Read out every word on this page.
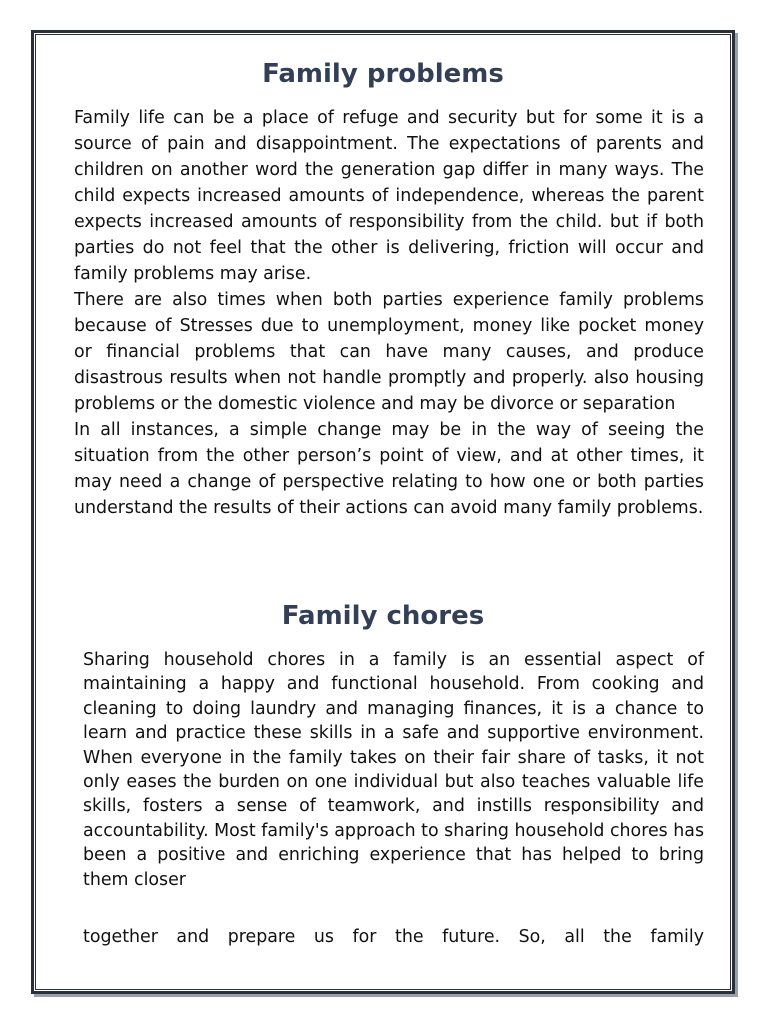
Family problems

Family life can be a place of refuge and security but for some it is a source of pain and disappointment. The expectations of parents and children on another word the generation gap differ in many ways. The child expects increased amounts of independence, whereas the parent expects increased amounts of responsibility from the child. but if both parties do not feel that the other is delivering, friction will occur and family problems may arise.

There are also times when both parties experience family problems because of Stresses due to unemployment, money like pocket money or financial problems that can have many causes, and produce disastrous results when not handle promptly and properly. also housing problems or the domestic violence and may be divorce or separation

In all instances, a simple change may be in the way of seeing the situation from the other person’s point of view, and at other times, it may need a change of perspective relating to how one or both parties understand the results of their actions can avoid many family problems.

Family chores

Sharing household chores in a family is an essential aspect of maintaining a happy and functional household. From cooking and cleaning to doing laundry and managing finances, it is a chance to learn and practice these skills in a safe and supportive environment. When everyone in the family takes on their fair share of tasks, it not only eases the burden on one individual but also teaches valuable life skills, fosters a sense of teamwork, and instills responsibility and accountability. Most family's approach to sharing household chores has been a positive and enriching experience that has helped to bring them closer

together and prepare us for the future. So, all the family
